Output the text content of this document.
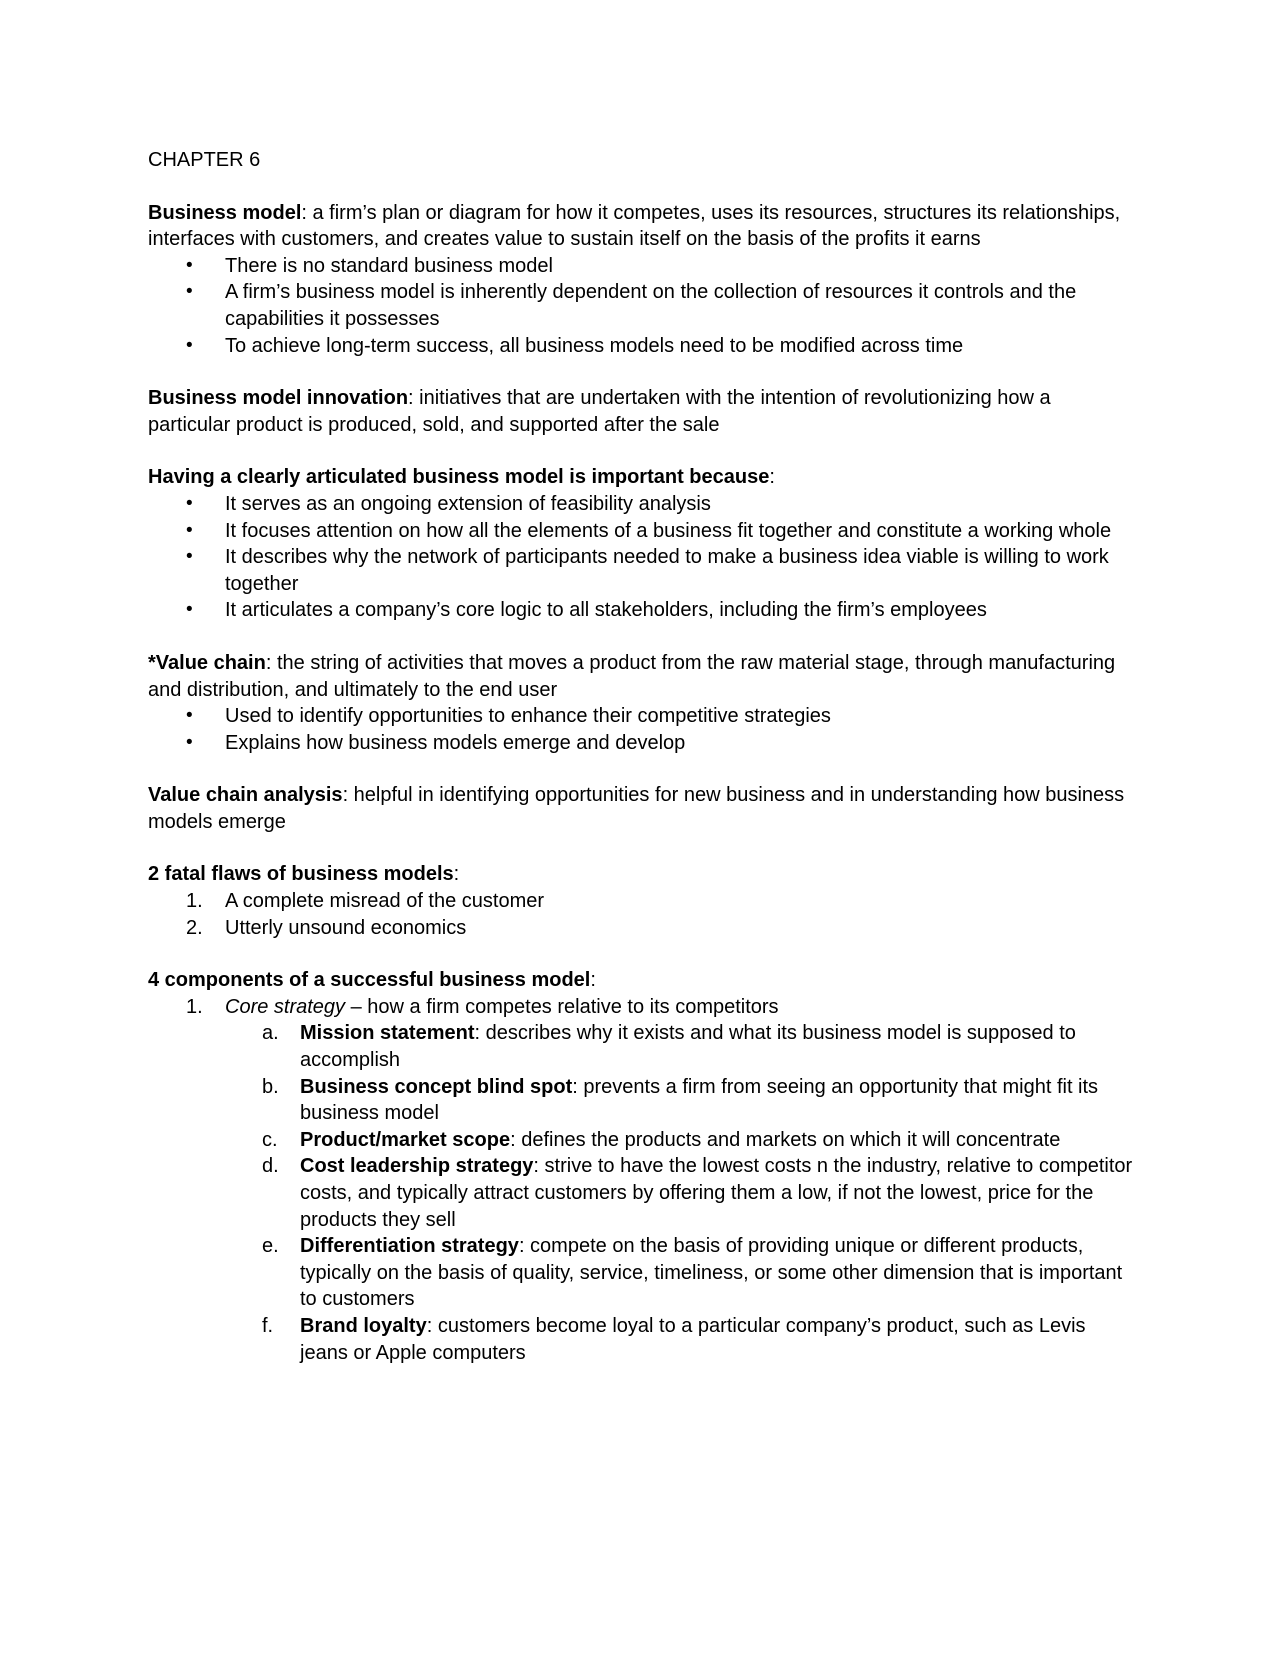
CHAPTER 6

Business model: a firm’s plan or diagram for how it competes, uses its resources, structures its relationships, interfaces with customers, and creates value to sustain itself on the basis of the profits it earns

• There is no standard business model
• A firm’s business model is inherently dependent on the collection of resources it controls and the capabilities it possesses
• To achieve long-term success, all business models need to be modified across time

Business model innovation: initiatives that are undertaken with the intention of revolutionizing how a particular product is produced, sold, and supported after the sale

Having a clearly articulated business model is important because:

• It serves as an ongoing extension of feasibility analysis
• It focuses attention on how all the elements of a business fit together and constitute a working whole
• It describes why the network of participants needed to make a business idea viable is willing to work together
• It articulates a company’s core logic to all stakeholders, including the firm’s employees

*Value chain: the string of activities that moves a product from the raw material stage, through manufacturing and distribution, and ultimately to the end user

• Used to identify opportunities to enhance their competitive strategies
• Explains how business models emerge and develop

Value chain analysis: helpful in identifying opportunities for new business and in understanding how business models emerge

2 fatal flaws of business models:

1. A complete misread of the customer
2. Utterly unsound economics

4 components of a successful business model:

1. Core strategy – how a firm competes relative to its competitors
a. Mission statement: describes why it exists and what its business model is supposed to accomplish
b. Business concept blind spot: prevents a firm from seeing an opportunity that might fit its business model
c. Product/market scope: defines the products and markets on which it will concentrate
d. Cost leadership strategy: strive to have the lowest costs n the industry, relative to competitor costs, and typically attract customers by offering them a low, if not the lowest, price for the products they sell
e. Differentiation strategy: compete on the basis of providing unique or different products, typically on the basis of quality, service, timeliness, or some other dimension that is important to customers
f. Brand loyalty: customers become loyal to a particular company’s product, such as Levis jeans or Apple computers
